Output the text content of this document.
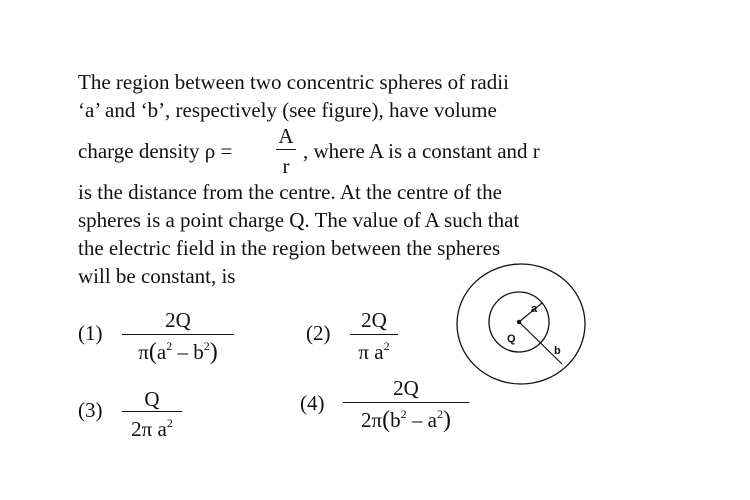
The region between two concentric spheres of radii
‘a’ and ‘b’, respectively (see figure), have volume
charge density ρ =
A
r
, where A is a constant and r
is the distance from the centre. At the centre of the
spheres is a point charge Q. The value of A such that
the electric field in the region between the spheres
will be constant, is
(1)
2Q
$\pi(a^2 - b^2)$
(2)
2Q
π $a^2$
(3)	Q
2π $a^2$
(4)
2Q
$2\pi(b^2 - a^2)$
a
Q
b
